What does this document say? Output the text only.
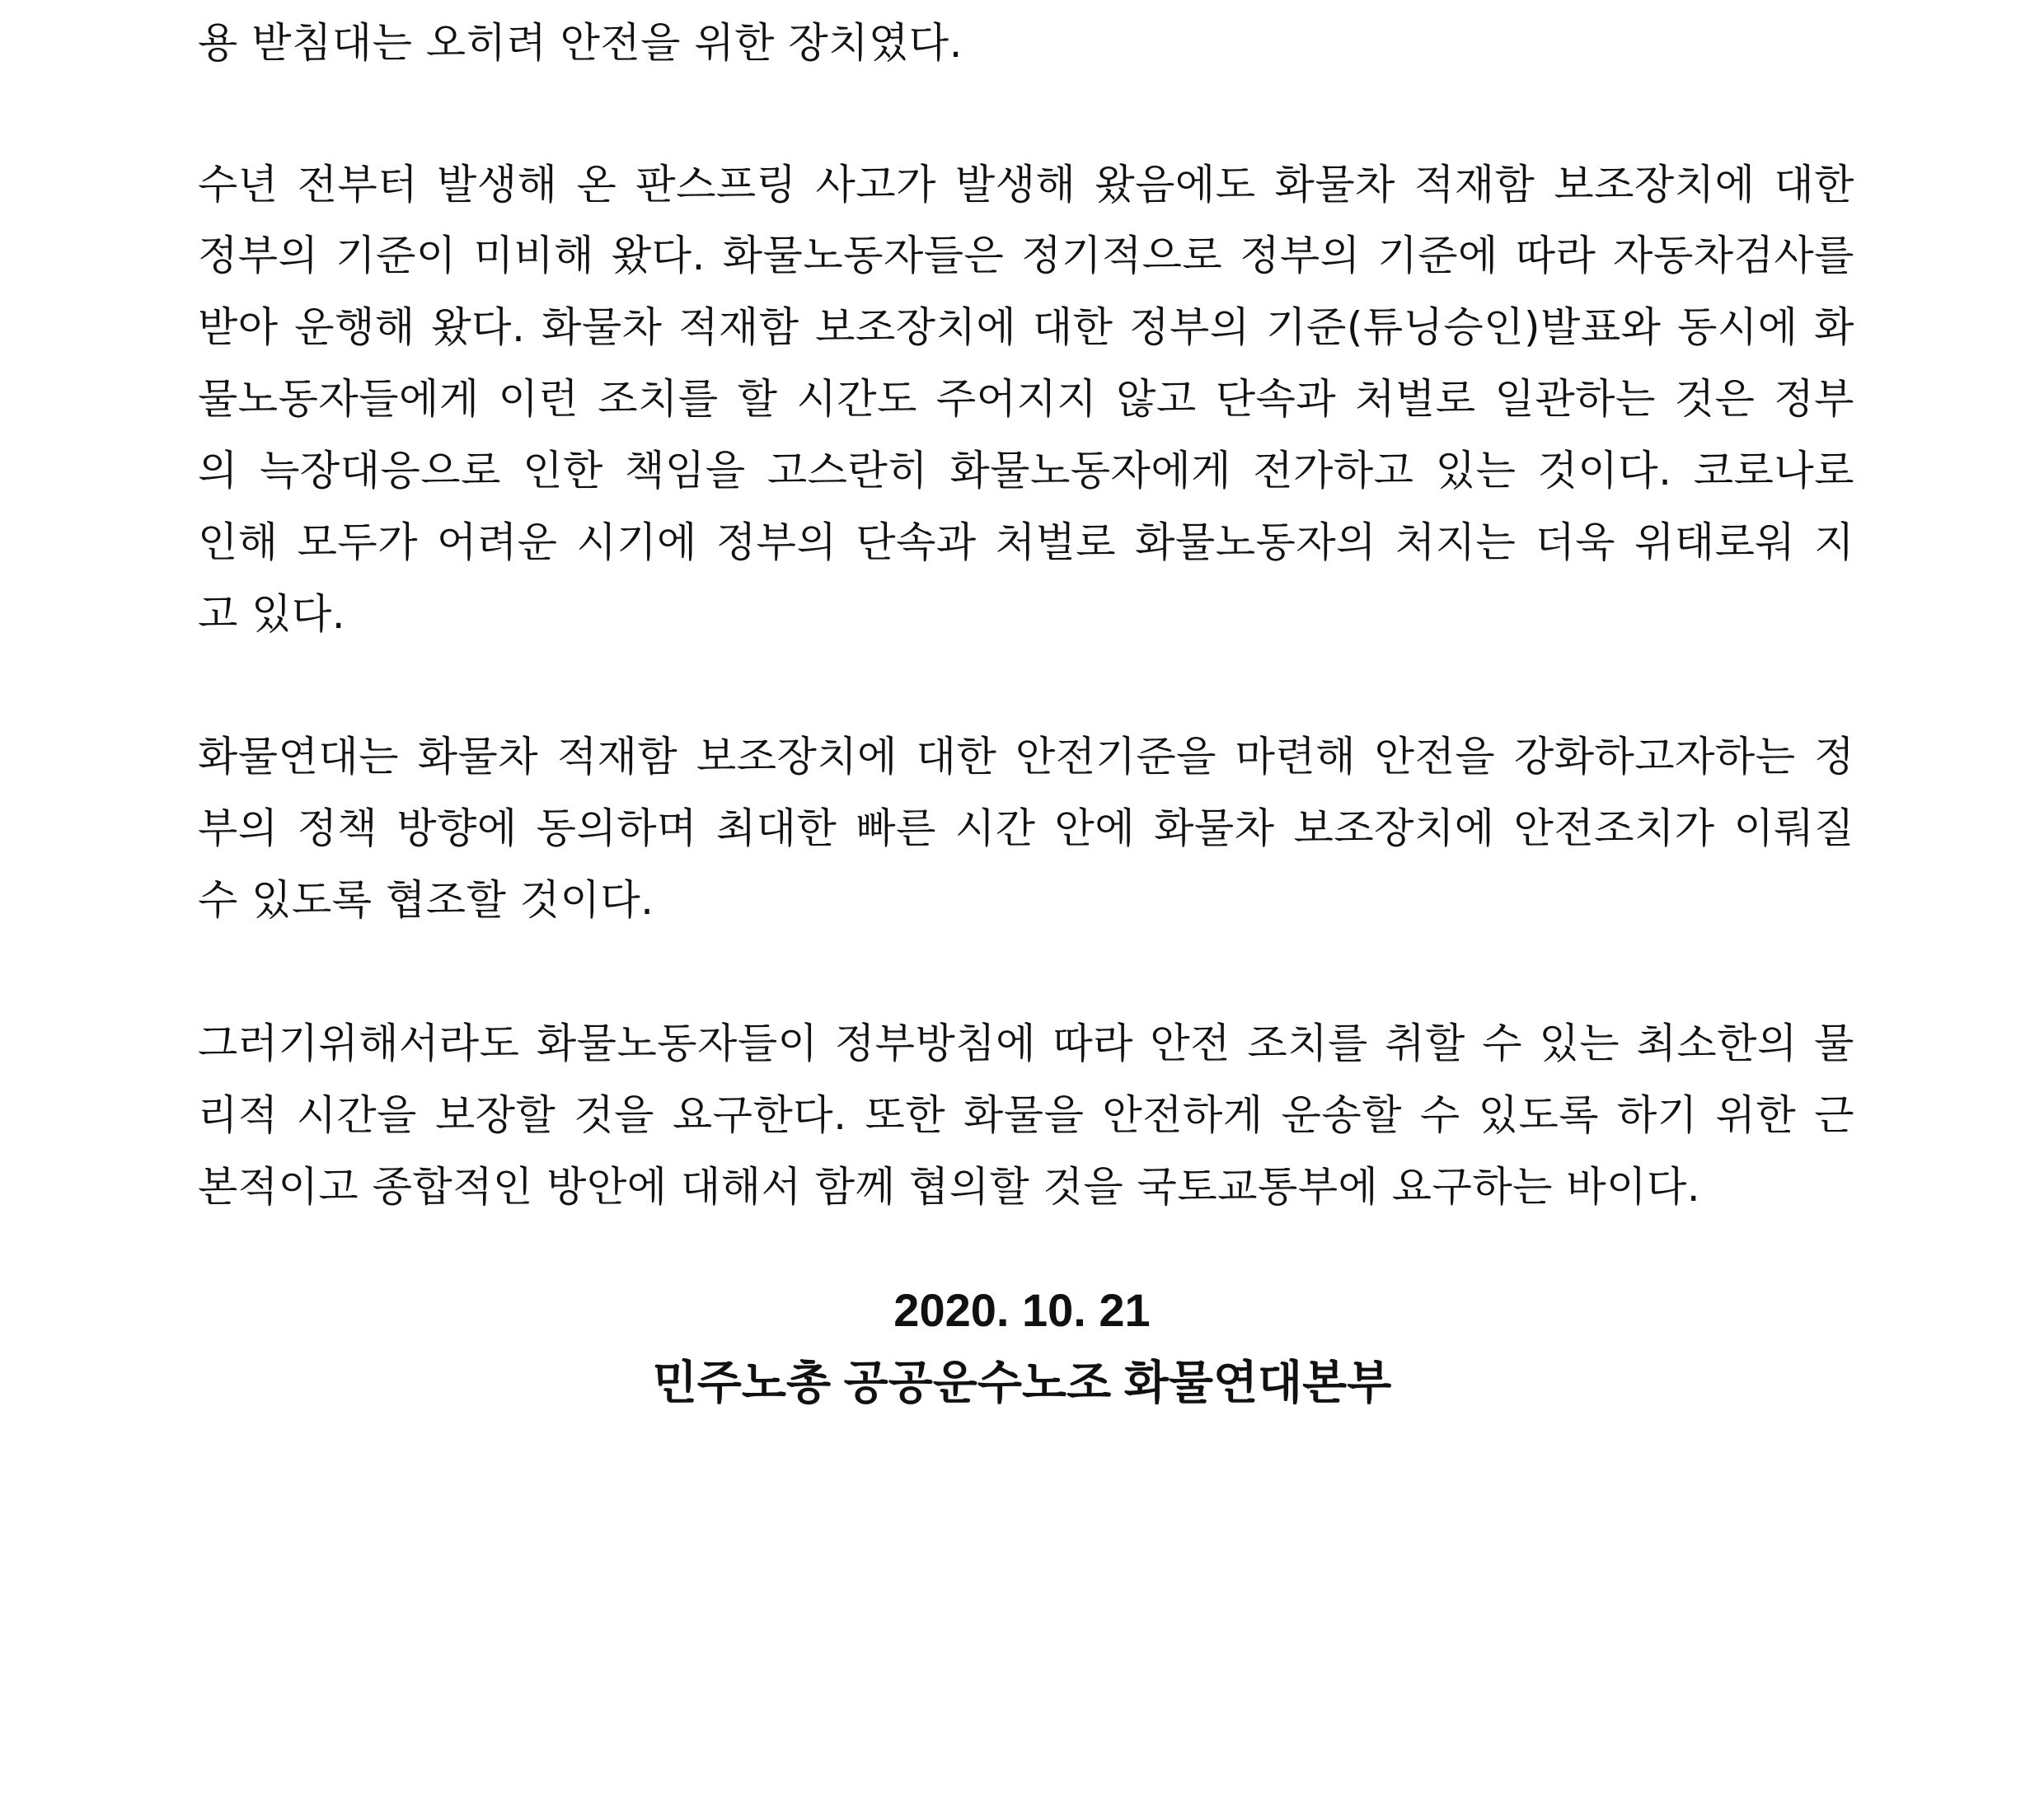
용 받침대는 오히려 안전을 위한 장치였다.
수년 전부터 발생해 온 판스프링 사고가 발생해 왔음에도 화물차 적재함 보조장치에 대한
정부의 기준이 미비해 왔다. 화물노동자들은 정기적으로 정부의 기준에 따라 자동차검사를
받아 운행해 왔다. 화물차 적재함 보조장치에 대한 정부의 기준(튜닝승인)발표와 동시에 화
물노동자들에게 이런 조치를 할 시간도 주어지지 않고 단속과 처벌로 일관하는 것은 정부
의 늑장대응으로 인한 책임을 고스란히 화물노동자에게 전가하고 있는 것이다. 코로나로
인해 모두가 어려운 시기에 정부의 단속과 처벌로 화물노동자의 처지는 더욱 위태로워 지
고 있다.
화물연대는 화물차 적재함 보조장치에 대한 안전기준을 마련해 안전을 강화하고자하는 정
부의 정책 방향에 동의하며 최대한 빠른 시간 안에 화물차 보조장치에 안전조치가 이뤄질
수 있도록 협조할 것이다.
그러기위해서라도 화물노동자들이 정부방침에 따라 안전 조치를 취할 수 있는 최소한의 물
리적 시간을 보장할 것을 요구한다. 또한 화물을 안전하게 운송할 수 있도록 하기 위한 근
본적이고 종합적인 방안에 대해서 함께 협의할 것을 국토교통부에 요구하는 바이다.
2020. 10. 21
민주노총 공공운수노조 화물연대본부
